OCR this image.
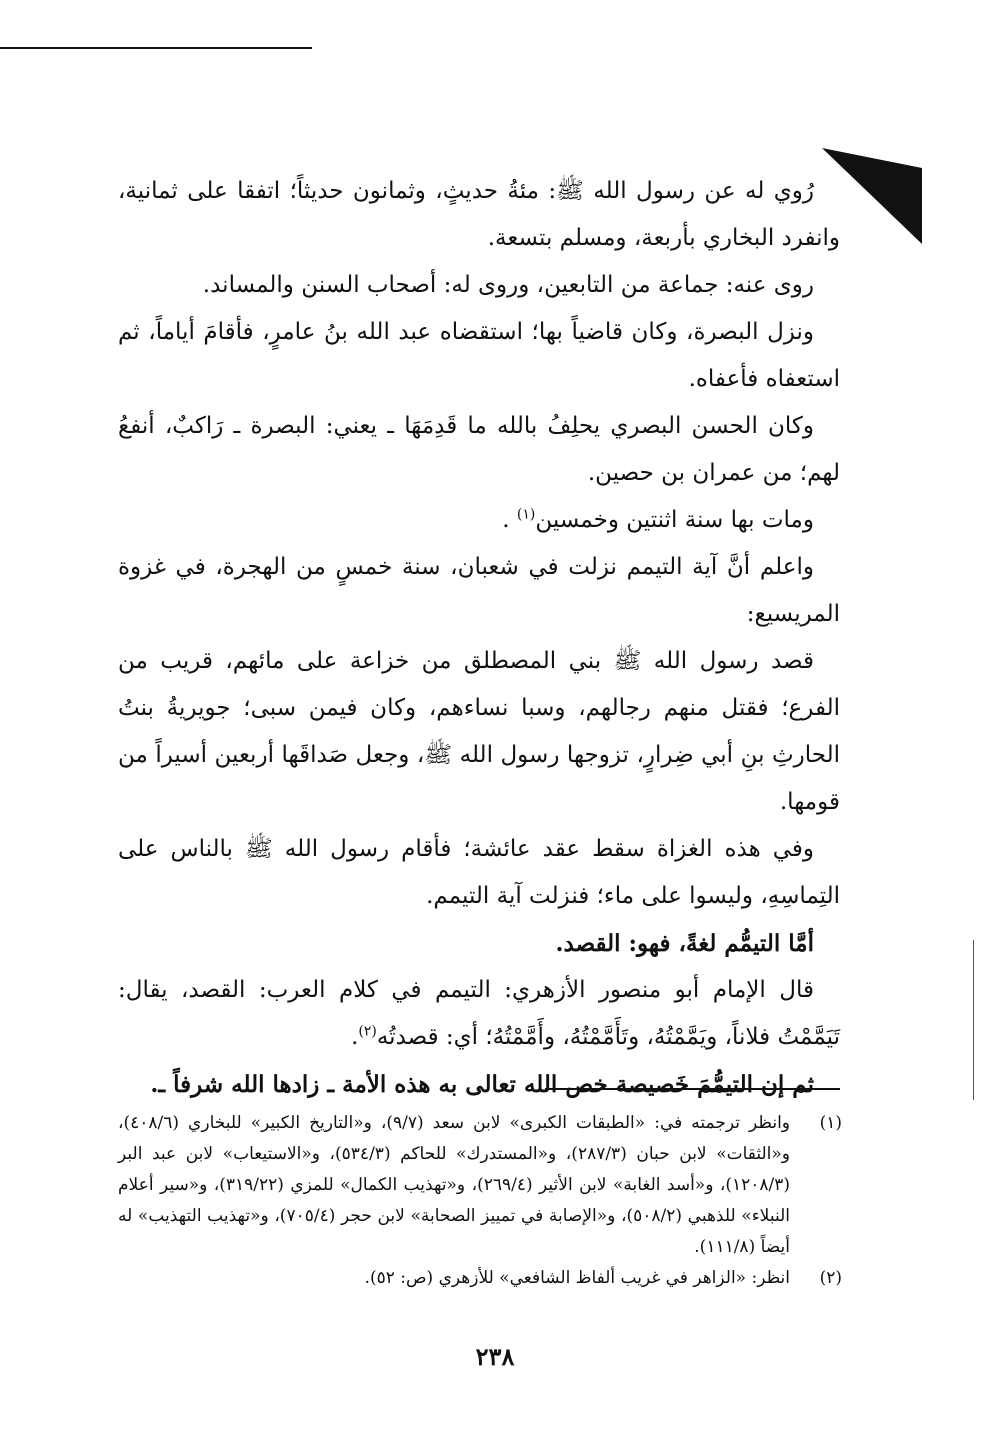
رُوي له عن رسول الله ﷺ: مئةُ حديثٍ، وثمانون حديثاً؛ اتفقا على ثمانية، وانفرد البخاري بأربعة، ومسلم بتسعة.

روى عنه: جماعة من التابعين، وروى له: أصحاب السنن والمساند.

ونزل البصرة، وكان قاضياً بها؛ استقضاه عبد الله بنُ عامرٍ، فأقامَ أياماً، ثم استعفاه فأعفاه.

وكان الحسن البصري يحلِفُ بالله ما قَدِمَهَا ـ يعني: البصرة ـ رَاكبٌ، أنفعُ لهم؛ من عمران بن حصين.

ومات بها سنة اثنتين وخمسين$^{(١)}$ .

واعلم أنَّ آية التيمم نزلت في شعبان، سنة خمسٍ من الهجرة، في غزوة المريسيع:

قصد رسول الله ﷺ بني المصطلق من خزاعة على مائهم، قريب من الفرع؛ فقتل منهم رجالهم، وسبا نساءهم، وكان فيمن سبى؛ جويريةُ بنتُ الحارثِ بنِ أبي ضِرارٍ، تزوجها رسول الله ﷺ، وجعل صَداقَها أربعين أسيراً من قومها.

وفي هذه الغزاة سقط عقد عائشة؛ فأقام رسول الله ﷺ بالناس على التِماسِهِ، وليسوا على ماء؛ فنزلت آية التيمم.

أمَّا التيمُّم لغةً، فهو: القصد.

قال الإمام أبو منصور الأزهري: التيمم في كلام العرب: القصد، يقال: تَيَمَّمْتُ فلاناً، ويَمَّمْتُهُ، وتَأَمَّمْتُهُ، وأَمَّمْتُهُ؛ أي: قصدتُه$^{(٢)}$.

ثم إن التيمُّمَ خَصيصة خص الله تعالى به هذه الأمة ـ زادها الله شرفاً ـ.

(١)
وانظر ترجمته في: «الطبقات الكبرى» لابن سعد (٩/٧)، و«التاريخ الكبير» للبخاري (٤٠٨/٦)، و«الثقات» لابن حبان (٢٨٧/٣)، و«المستدرك» للحاكم (٥٣٤/٣)، و«الاستيعاب» لابن عبد البر (١٢٠٨/٣)، و«أسد الغابة» لابن الأثير (٢٦٩/٤)، و«تهذيب الكمال» للمزي (٣١٩/٢٢)، و«سير أعلام النبلاء» للذهبي (٥٠٨/٢)، و«الإصابة في تمييز الصحابة» لابن حجر (٧٠٥/٤)، و«تهذيب التهذيب» له أيضاً (١١١/٨).
(٢)
انظر: «الزاهر في غريب ألفاظ الشافعي» للأزهري (ص: ٥٢).
٢٣٨
